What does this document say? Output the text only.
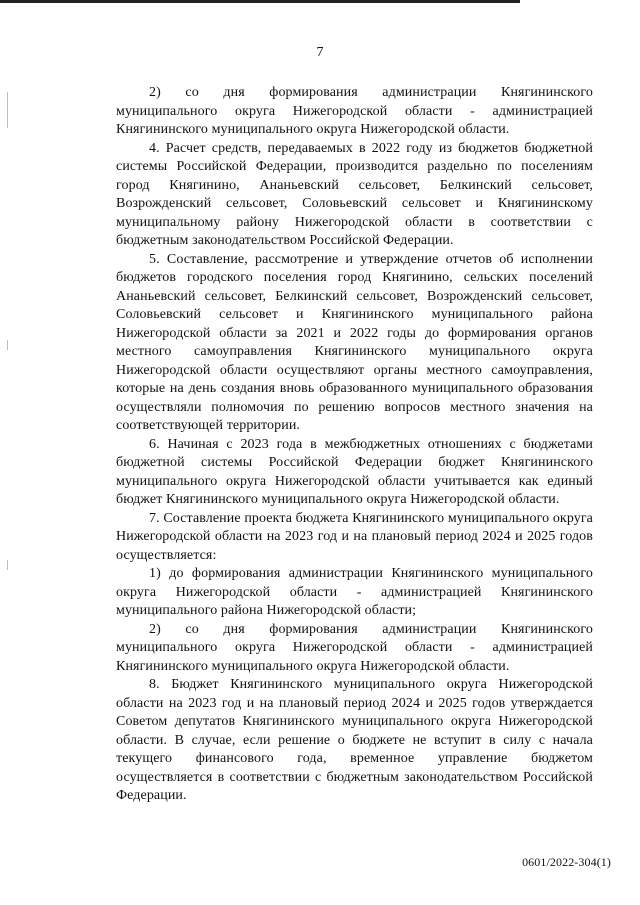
7

2) со дня формирования администрации Княгининского муниципального округа Нижегородской области - администрацией Княгининского муниципального округа Нижегородской области.

4. Расчет средств, передаваемых в 2022 году из бюджетов бюджетной системы Российской Федерации, производится раздельно по поселениям город Княгинино, Ананьевский сельсовет, Белкинский сельсовет, Возрожденский сельсовет, Соловьевский сельсовет и Княгининскому муниципальному району Нижегородской области в соответствии с бюджетным законодательством Российской Федерации.

5. Составление, рассмотрение и утверждение отчетов об исполнении бюджетов городского поселения город Княгинино, сельских поселений Ананьевский сельсовет, Белкинский сельсовет, Возрожденский сельсовет, Соловьевский сельсовет и Княгининского муниципального района Нижегородской области за 2021 и 2022 годы до формирования органов местного самоуправления Княгининского муниципального округа Нижегородской области осуществляют органы местного самоуправления, которые на день создания вновь образованного муниципального образования осуществляли полномочия по решению вопросов местного значения на соответствующей территории.

6. Начиная с 2023 года в межбюджетных отношениях с бюджетами бюджетной системы Российской Федерации бюджет Княгининского муниципального округа Нижегородской области учитывается как единый бюджет Княгининского муниципального округа Нижегородской области.

7. Составление проекта бюджета Княгининского муниципального округа Нижегородской области на 2023 год и на плановый период 2024 и 2025 годов осуществляется:

1) до формирования администрации Княгининского муниципального округа Нижегородской области - администрацией Княгининского муниципального района Нижегородской области;

2) со дня формирования администрации Княгининского муниципального округа Нижегородской области - администрацией Княгининского муниципального округа Нижегородской области.

8. Бюджет Княгининского муниципального округа Нижегородской области на 2023 год и на плановый период 2024 и 2025 годов утверждается Советом депутатов Княгининского муниципального округа Нижегородской области. В случае, если решение о бюджете не вступит в силу с начала текущего финансового года, временное управление бюджетом осуществляется в соответствии с бюджетным законодательством Российской Федерации.

0601/2022-304(1)
